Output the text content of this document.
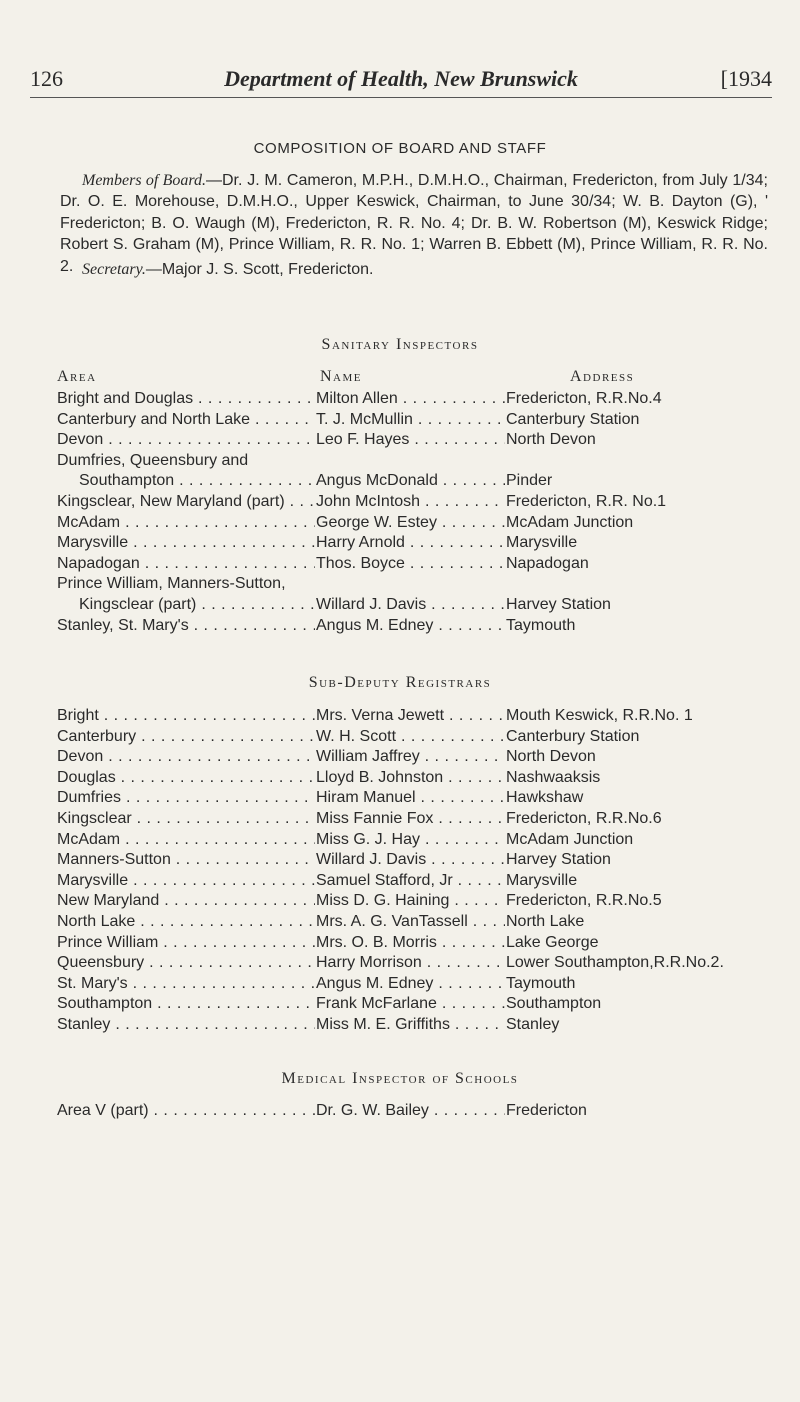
126	Department of Health, New Brunswick	[1934
COMPOSITION OF BOARD AND STAFF

Members of Board.—Dr. J. M. Cameron, M.P.H., D.M.H.O., Chairman, Fredericton, from July 1/34; Dr. O. E. Morehouse, D.M.H.O., Upper Keswick, Chairman, to June 30/34; W. B. Dayton (G), ' Fredericton; B. O. Waugh (M), Fredericton, R. R. No. 4; Dr. B. W. Robertson (M), Keswick Ridge; Robert S. Graham (M), Prince William, R. R. No. 1; Warren B. Ebbett (M), Prince William, R. R. No. 2. Secretary.—Major J. S. Scott, Fredericton.

Sanitary Inspectors
Area	Name	Address
Bright and Douglas . . .	Milton Allen . . .	Fredericton, R.R.No.4
Canterbury and North Lake . . .	T. J. McMullin . . .	Canterbury Station
Devon . . .	Leo F. Hayes . . .	North Devon
Dumfries, Queensbury and
Southampton . . .	Angus McDonald . . .	Pinder
Kingsclear, New Maryland (part) . . .	John McIntosh . . .	Fredericton, R.R. No.1
McAdam . . .	George W. Estey . . .	McAdam Junction
Marysville . . .	Harry Arnold . . .	Marysville
Napadogan . . .	Thos. Boyce . . .	Napadogan
Prince William, Manners-Sutton,
Kingsclear (part) . . .	Willard J. Davis . . .	Harvey Station
Stanley, St. Mary's . . .	Angus M. Edney . . .	Taymouth
Sub-Deputy Registrars
Bright . . .	Mrs. Verna Jewett . . .	Mouth Keswick, R.R.No. 1
Canterbury . . .	W. H. Scott . . .	Canterbury Station
Devon . . .	William Jaffrey . . .	North Devon
Douglas . . .	Lloyd B. Johnston . . .	Nashwaaksis
Dumfries . . .	Hiram Manuel . . .	Hawkshaw
Kingsclear . . .	Miss Fannie Fox . . .	Fredericton, R.R.No.6
McAdam . . .	Miss G. J. Hay . . .	McAdam Junction
Manners-Sutton . . .	Willard J. Davis . . .	Harvey Station
Marysville . . .	Samuel Stafford, Jr . . .	Marysville
New Maryland . . .	Miss D. G. Haining . . .	Fredericton, R.R.No.5
North Lake . . .	Mrs. A. G. VanTassell . . .	North Lake
Prince William . . .	Mrs. O. B. Morris . . .	Lake George
Queensbury . . .	Harry Morrison . . .	Lower Southampton,R.R.No.2.
St. Mary's . . .	Angus M. Edney . . .	Taymouth
Southampton . . .	Frank McFarlane . . .	Southampton
Stanley . . .	Miss M. E. Griffiths . . .	Stanley
Medical Inspector of Schools
Area V (part) . . .	Dr. G. W. Bailey . . .	Fredericton
